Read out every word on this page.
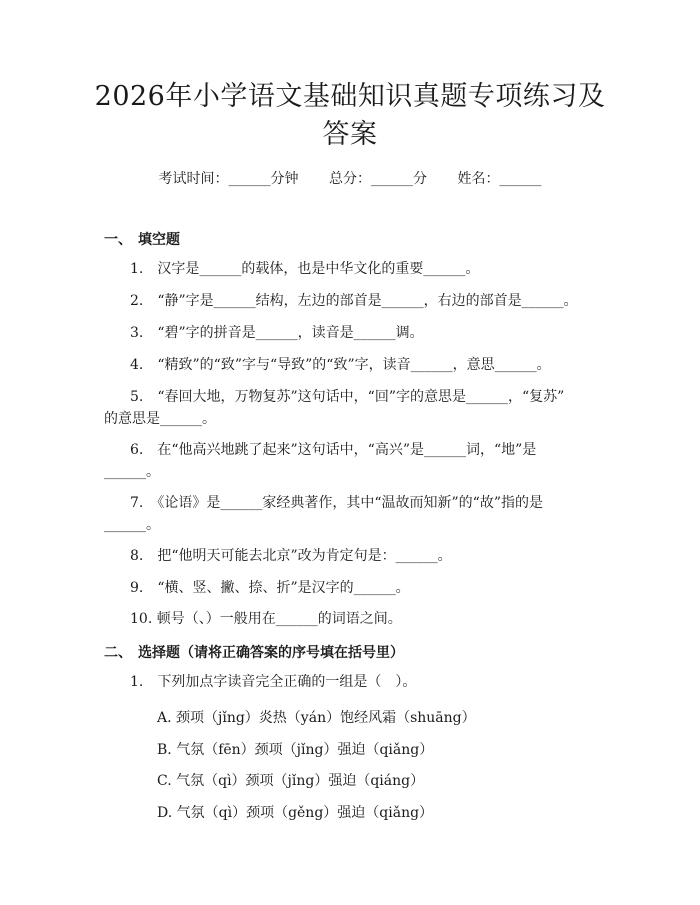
2026年小学语文基础知识真题专项练习及答案
考试时间：______分钟 总分：______分 姓名：______
一、 填空题
1.　汉字是______的载体，也是中华文化的重要______。
2.　“静”字是______结构，左边的部首是______，右边的部首是______。
3.　“碧”字的拼音是______，读音是______调。
4.　“精致”的“致”字与“导致”的“致”字，读音______，意思______。
5.　“春回大地，万物复苏”这句话中，“回”字的意思是______，“复苏”
的意思是______。
6.　在“他高兴地跳了起来”这句话中，“高兴”是______词，“地”是
______。
7.　《论语》是______家经典著作，其中“温故而知新”的“故”指的是
______。
8.　把“他明天可能去北京”改为肯定句是：______。
9.　“横、竖、撇、捺、折”是汉字的______。
10. 顿号（、）一般用在______的词语之间。
二、 选择题（请将正确答案的序号填在括号里）
1.　下列加点字读音完全正确的一组是（　）。
A. 颈项（jǐng）炎热（yán）饱经风霜（shuāng）
B. 气氛（fēn）颈项（jǐng）强迫（qiǎng）
C. 气氛（qì）颈项（jǐng）强迫（qiáng）
D. 气氛（qì）颈项（gěng）强迫（qiǎng）
